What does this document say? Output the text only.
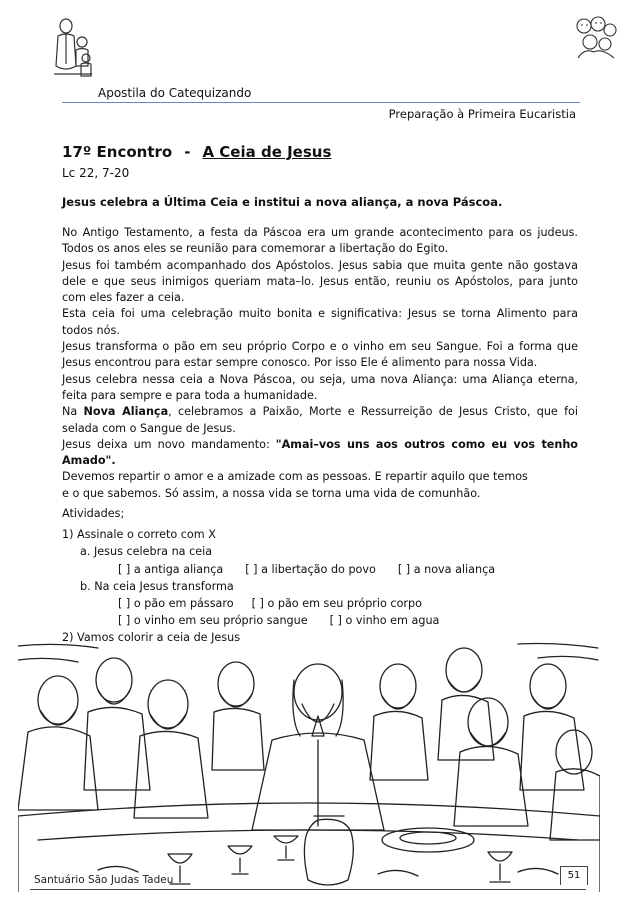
Apostila do Catequizando
Preparação à Primeira Eucaristia
17º Encontro - A Ceia de Jesus
Lc 22, 7-20
Jesus celebra a Última Ceia e institui a nova aliança, a nova Páscoa.

No Antigo Testamento, a festa da Páscoa era um grande acontecimento para os judeus. Todos os anos eles se reunião para comemorar a libertação do Egito.

Jesus foi também acompanhado dos Apóstolos. Jesus sabia que muita gente não gostava dele e que seus inimigos queriam mata–lo. Jesus então, reuniu os Apóstolos, para junto com eles fazer a ceia.

Esta ceia foi uma celebração muito bonita e significativa: Jesus se torna Alimento para todos nós.

Jesus transforma o pão em seu próprio Corpo e o vinho em seu Sangue. Foi a forma que Jesus encontrou para estar sempre conosco. Por isso Ele é alimento para nossa Vida.

Jesus celebra nessa ceia a Nova Páscoa, ou seja, uma nova Aliança: uma Aliança eterna, feita para sempre e para toda a humanidade.

Na Nova Aliança, celebramos a Paixão, Morte e Ressurreição de Jesus Cristo, que foi selada com o Sangue de Jesus.

Jesus deixa um novo mandamento: "Amai–vos uns aos outros como eu vos tenho Amado".

Devemos repartir o amor e a amizade com as pessoas. E repartir aquilo que temos

e o que sabemos. Só assim, a nossa vida se torna uma vida de comunhão.

Atividades;
1) Assinale o correto com X
a. Jesus celebra na ceia
[ ] a antiga aliança [ ] a libertação do povo [ ] a nova aliança
b. Na ceia Jesus transforma
[ ] o pão em pássaro [ ] o pão em seu próprio corpo
[ ] o vinho em seu próprio sangue [ ] o vinho em agua
2) Vamos colorir a ceia de Jesus
Santuário São Judas Tadeu	51
